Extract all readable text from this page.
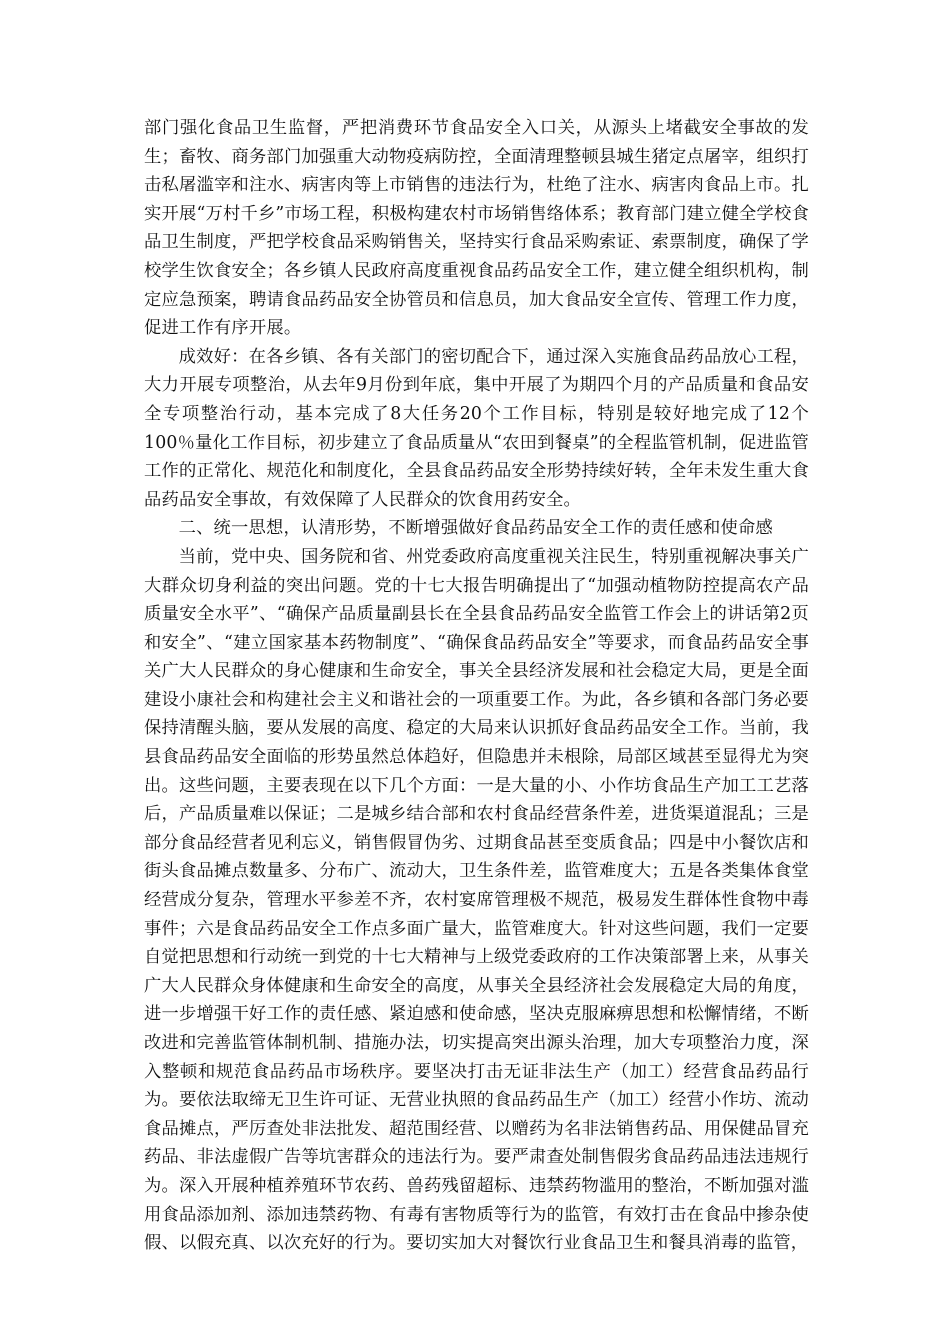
部门强化食品卫生监督，严把消费环节食品安全入口关，从源头上堵截安全事故的发生；畜牧、商务部门加强重大动物疫病防控，全面清理整顿县城生猪定点屠宰，组织打击私屠滥宰和注水、病害肉等上市销售的违法行为，杜绝了注水、病害肉食品上市。扎实开展“万村千乡”市场工程，积极构建农村市场销售络体系；教育部门建立健全学校食品卫生制度，严把学校食品采购销售关，坚持实行食品采购索证、索票制度，确保了学校学生饮食安全；各乡镇人民政府高度重视食品药品安全工作，建立健全组织机构，制定应急预案，聘请食品药品安全协管员和信息员，加大食品安全宣传、管理工作力度，促进工作有序开展。

成效好：在各乡镇、各有关部门的密切配合下，通过深入实施食品药品放心工程，大力开展专项整治，从去年9月份到年底，集中开展了为期四个月的产品质量和食品安全专项整治行动，基本完成了8大任务20个工作目标，特别是较好地完成了12个100％量化工作目标，初步建立了食品质量从“农田到餐桌”的全程监管机制，促进监管工作的正常化、规范化和制度化，全县食品药品安全形势持续好转，全年未发生重大食品药品安全事故，有效保障了人民群众的饮食用药安全。

二、统一思想，认清形势，不断增强做好食品药品安全工作的责任感和使命感

当前，党中央、国务院和省、州党委政府高度重视关注民生，特别重视解决事关广大群众切身利益的突出问题。党的十七大报告明确提出了“加强动植物防控提高农产品质量安全水平”、“确保产品质量副县长在全县食品药品安全监管工作会上的讲话第2页和安全”、“建立国家基本药物制度”、“确保食品药品安全”等要求，而食品药品安全事关广大人民群众的身心健康和生命安全，事关全县经济发展和社会稳定大局，更是全面建设小康社会和构建社会主义和谐社会的一项重要工作。为此，各乡镇和各部门务必要保持清醒头脑，要从发展的高度、稳定的大局来认识抓好食品药品安全工作。当前，我县食品药品安全面临的形势虽然总体趋好，但隐患并未根除，局部区域甚至显得尤为突出。这些问题，主要表现在以下几个方面：一是大量的小、小作坊食品生产加工工艺落后，产品质量难以保证；二是城乡结合部和农村食品经营条件差，进货渠道混乱；三是部分食品经营者见利忘义，销售假冒伪劣、过期食品甚至变质食品；四是中小餐饮店和街头食品摊点数量多、分布广、流动大，卫生条件差，监管难度大；五是各类集体食堂经营成分复杂，管理水平参差不齐，农村宴席管理极不规范，极易发生群体性食物中毒事件；六是食品药品安全工作点多面广量大，监管难度大。针对这些问题，我们一定要自觉把思想和行动统一到党的十七大精神与上级党委政府的工作决策部署上来，从事关广大人民群众身体健康和生命安全的高度，从事关全县经济社会发展稳定大局的角度，进一步增强干好工作的责任感、紧迫感和使命感，坚决克服麻痹思想和松懈情绪，不断改进和完善监管体制机制、措施办法，切实提高突出源头治理，加大专项整治力度，深入整顿和规范食品药品市场秩序。要坚决打击无证非法生产（加工）经营食品药品行为。要依法取缔无卫生许可证、无营业执照的食品药品生产（加工）经营小作坊、流动食品摊点，严厉查处非法批发、超范围经营、以赠药为名非法销售药品、用保健品冒充药品、非法虚假广告等坑害群众的违法行为。要严肃查处制售假劣食品药品违法违规行为。深入开展种植养殖环节农药、兽药残留超标、违禁药物滥用的整治，不断加强对滥用食品添加剂、添加违禁药物、有毒有害物质等行为的监管，有效打击在食品中掺杂使假、以假充真、以次充好的行为。要切实加大对餐饮行业食品卫生和餐具消毒的监管，
